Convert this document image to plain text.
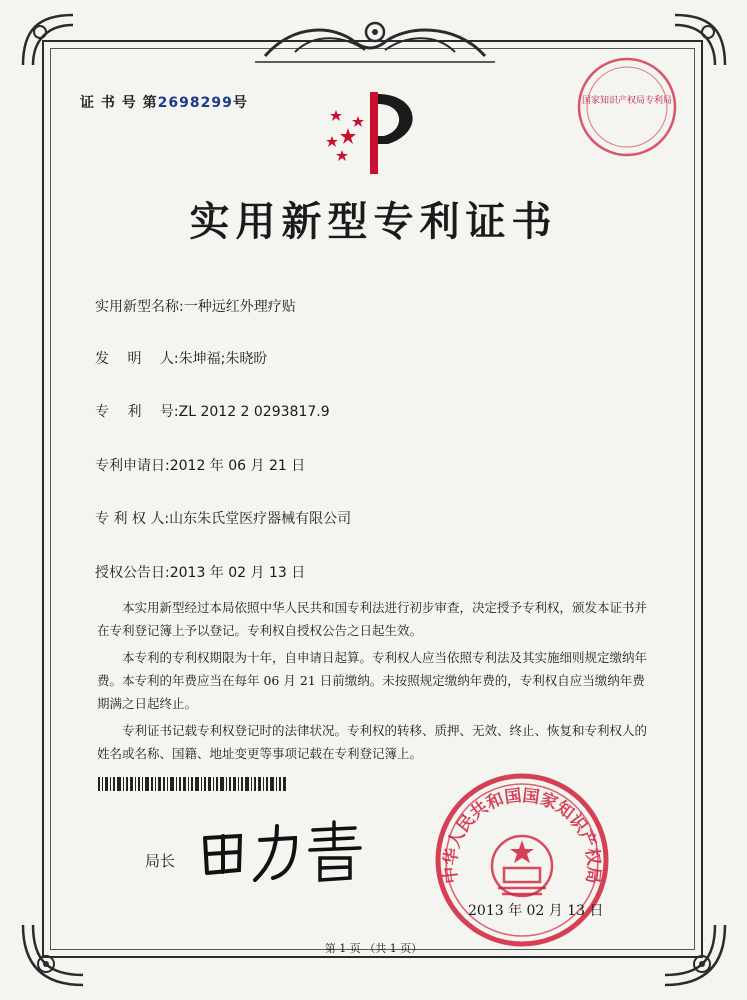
证 书 号 第2698299号	国家知识产权局专利局
实用新型专利证书
实用新型名称:一种远红外理疗贴
发　 明　 人:朱坤福;朱晓昐
专　 利　 号:ZL 2012 2 0293817.9
专利申请日:2012 年 06 月 21 日
专 利 权 人:山东朱氏堂医疗器械有限公司
授权公告日:2013 年 02 月 13 日

本实用新型经过本局依照中华人民共和国专利法进行初步审查，决定授予专利权，颁发本证书并在专利登记簿上予以登记。专利权自授权公告之日起生效。

本专利的专利权期限为十年，自申请日起算。专利权人应当依照专利法及其实施细则规定缴纳年费。本专利的年费应当在每年 06 月 21 日前缴纳。未按照规定缴纳年费的，专利权自应当缴纳年费期满之日起终止。

专利证书记载专利权登记时的法律状况。专利权的转移、质押、无效、终止、恢复和专利权人的姓名或名称、国籍、地址变更等事项记载在专利登记簿上。

局长
中华人民共和国国家知识产权局
2013 年 02 月 13 日
第 1 页 （共 1 页）
